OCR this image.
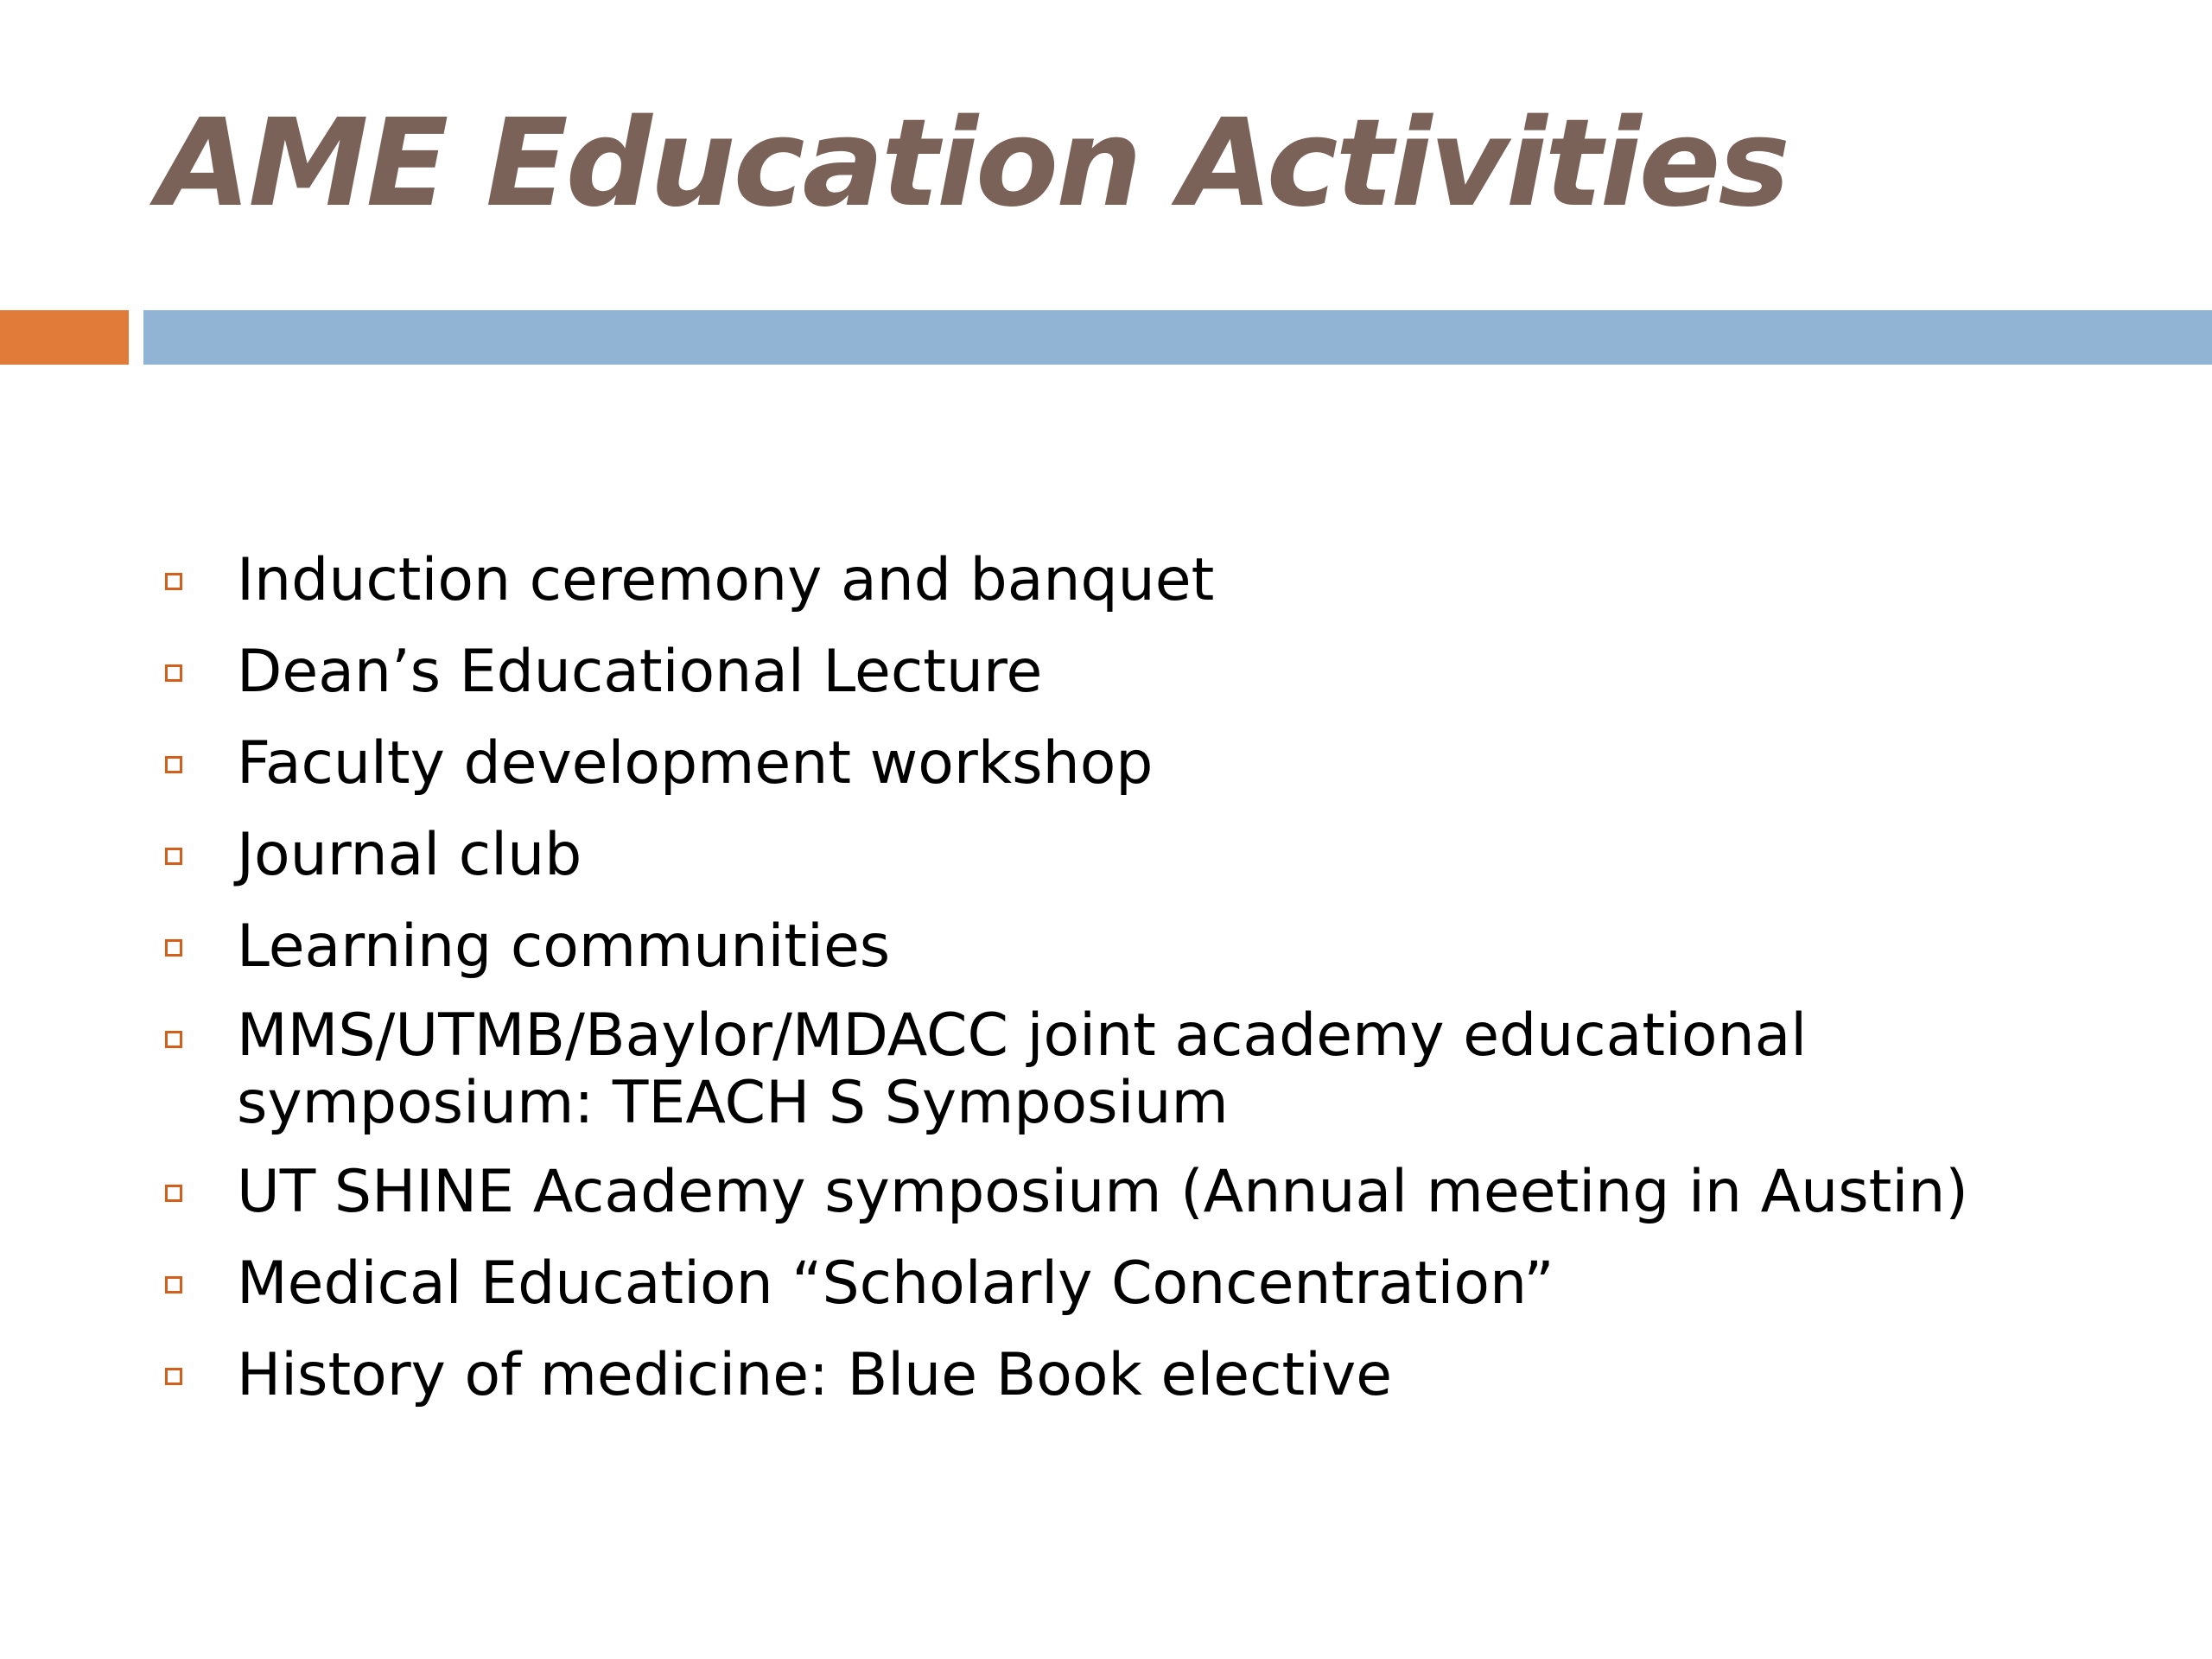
AME Education Activities
Induction ceremony and banquet
Dean’s Educational Lecture
Faculty development workshop
Journal club
Learning communities
MMS/UTMB/Baylor/MDACC joint academy educational symposium: TEACH S Symposium
UT SHINE Academy symposium (Annual meeting in Austin)
Medical Education “Scholarly Concentration”
History of medicine: Blue Book elective
